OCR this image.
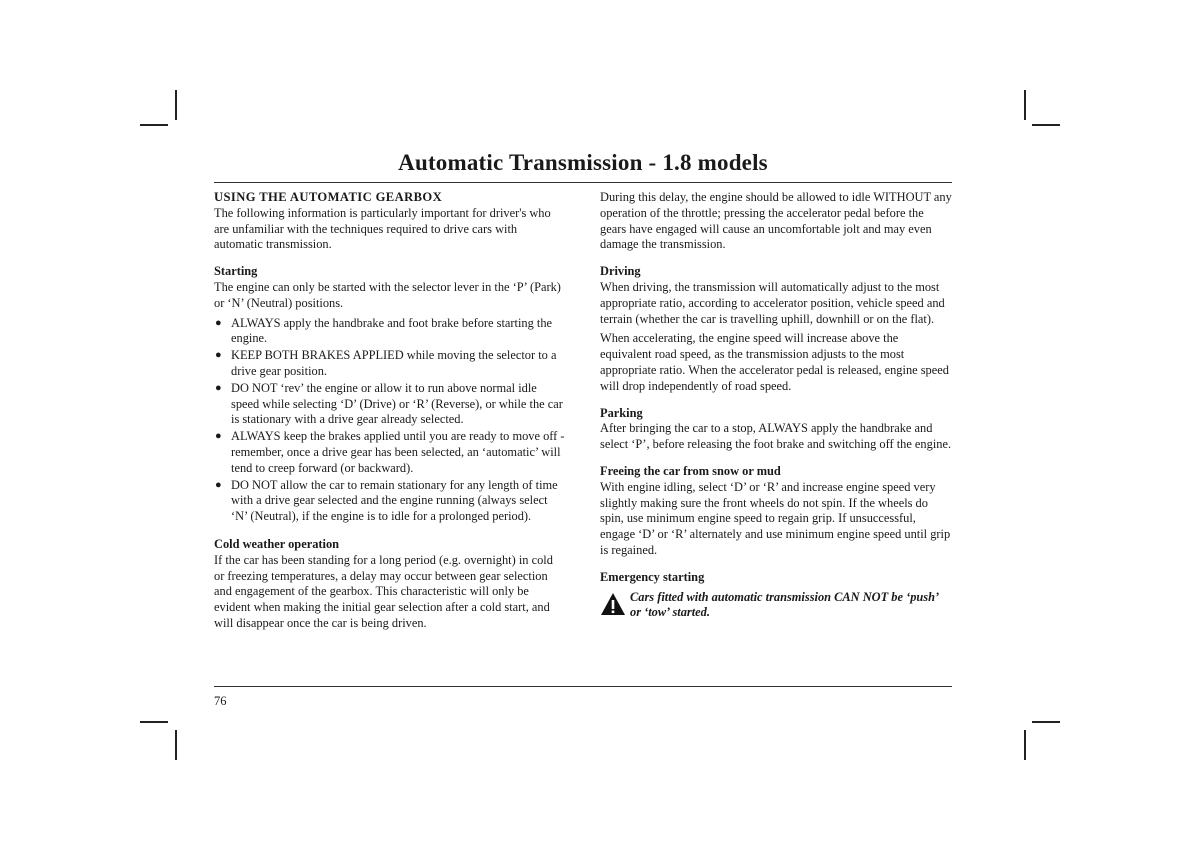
Automatic Transmission - 1.8 models

USING THE AUTOMATIC GEARBOX

The following information is particularly important for driver's who are unfamiliar with the techniques required to drive cars with automatic transmission.

Starting

The engine can only be started with the selector lever in the ‘P’ (Park) or ‘N’ (Neutral) positions.

● ALWAYS apply the handbrake and foot brake before starting the engine.
● KEEP BOTH BRAKES APPLIED while moving the selector to a drive gear position.
● DO NOT ‘rev’ the engine or allow it to run above normal idle speed while selecting ‘D’ (Drive) or ‘R’ (Reverse), or while the car is stationary with a drive gear already selected.
● ALWAYS keep the brakes applied until you are ready to move off - remember, once a drive gear has been selected, an ‘automatic’ will tend to creep forward (or backward).
● DO NOT allow the car to remain stationary for any length of time with a drive gear selected and the engine running (always select ‘N’ (Neutral), if the engine is to idle for a prolonged period).

Cold weather operation

If the car has been standing for a long period (e.g. overnight) in cold or freezing temperatures, a delay may occur between gear selection and engagement of the gearbox. This characteristic will only be evident when making the initial gear selection after a cold start, and will disappear once the car is being driven.

During this delay, the engine should be allowed to idle WITHOUT any operation of the throttle; pressing the accelerator pedal before the gears have engaged will cause an uncomfortable jolt and may even damage the transmission.

Driving

When driving, the transmission will automatically adjust to the most appropriate ratio, according to accelerator position, vehicle speed and terrain (whether the car is travelling uphill, downhill or on the flat).

When accelerating, the engine speed will increase above the equivalent road speed, as the transmission adjusts to the most appropriate ratio. When the accelerator pedal is released, engine speed will drop independently of road speed.

Parking

After bringing the car to a stop, ALWAYS apply the handbrake and select ‘P’, before releasing the foot brake and switching off the engine.

Freeing the car from snow or mud

With engine idling, select ‘D’ or ‘R’ and increase engine speed very slightly making sure the front wheels do not spin. If the wheels do spin, use minimum engine speed to regain grip. If unsuccessful, engage ‘D’ or ‘R’ alternately and use minimum engine speed until grip is regained.

Emergency starting

Cars fitted with automatic transmission CAN NOT be ‘push’ or ‘tow’ started.
76
